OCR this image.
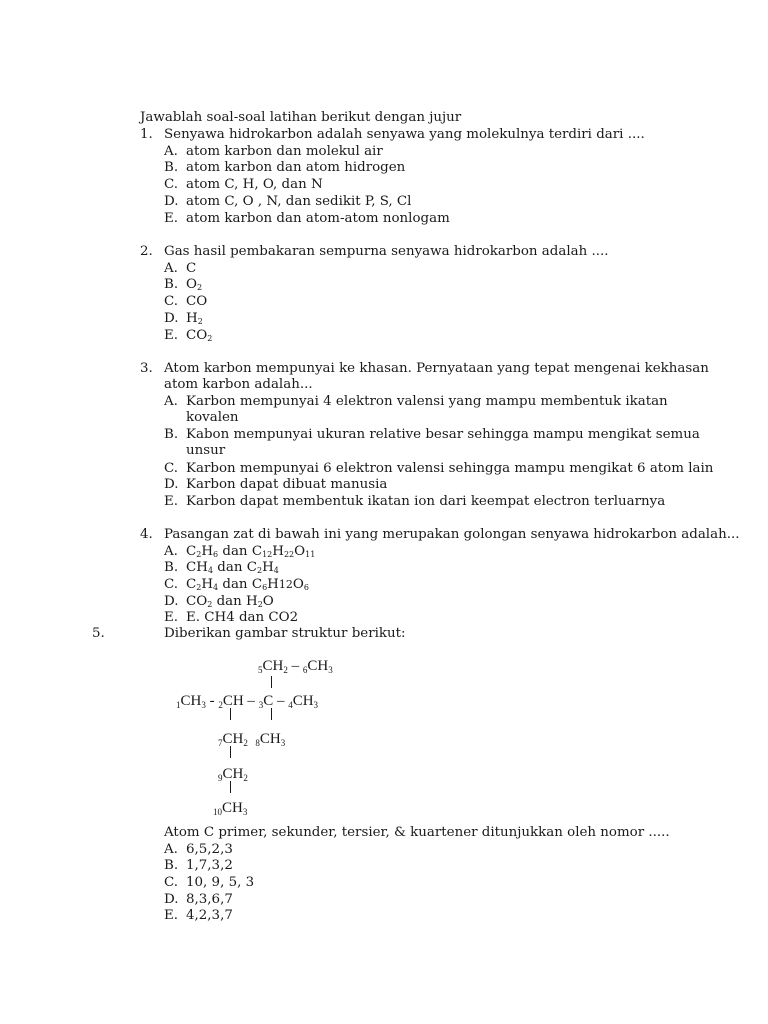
Jawablah soal-soal latihan berikut dengan jujur
1. Senyawa hidrokarbon adalah senyawa yang molekulnya terdiri dari ....
A. atom karbon dan molekul air
B. atom karbon dan atom hidrogen
C. atom C, H, O, dan N
D. atom C, O , N, dan sedikit P, S, Cl
E. atom karbon dan atom-atom nonlogam
2. Gas hasil pembakaran sempurna senyawa hidrokarbon adalah ....
A. C
B. $O_2$
C. CO
D. $H_2$
E. $CO_2$
3. Atom karbon mempunyai ke khasan. Pernyataan yang tepat mengenai kekhasan
atom karbon adalah...
A. Karbon mempunyai 4 elektron valensi yang mampu membentuk ikatan
kovalen
B. Kabon mempunyai ukuran relative besar sehingga mampu mengikat semua
unsur
C. Karbon mempunyai 6 elektron valensi sehingga mampu mengikat 6 atom lain
D. Karbon dapat dibuat manusia
E. Karbon dapat membentuk ikatan ion dari keempat electron terluarnya
4. Pasangan zat di bawah ini yang merupakan golongan senyawa hidrokarbon adalah...
A. $C_2H_6$ dan $C_{12}H_{22}O_{11}$
B. $CH_4$ dan $C_2H_4$
C. $C_2H_4$ dan $C_6H12O_6$
D. $CO_2$ dan $H_2O$
E. E. CH4 dan CO2
5.	Diberikan gambar struktur berikut:
$_5CH_2 - _6CH_3$
$_1CH_3 - _2CH - _3C - _4CH_3$
$_7CH_2$ $_8CH_3$
$_9CH_2$
$_{10}CH_3$
Atom C primer, sekunder, tersier, & kuartener ditunjukkan oleh nomor .....
A. 6,5,2,3
B. 1,7,3,2
C. 10, 9, 5, 3
D. 8,3,6,7
E. 4,2,3,7
